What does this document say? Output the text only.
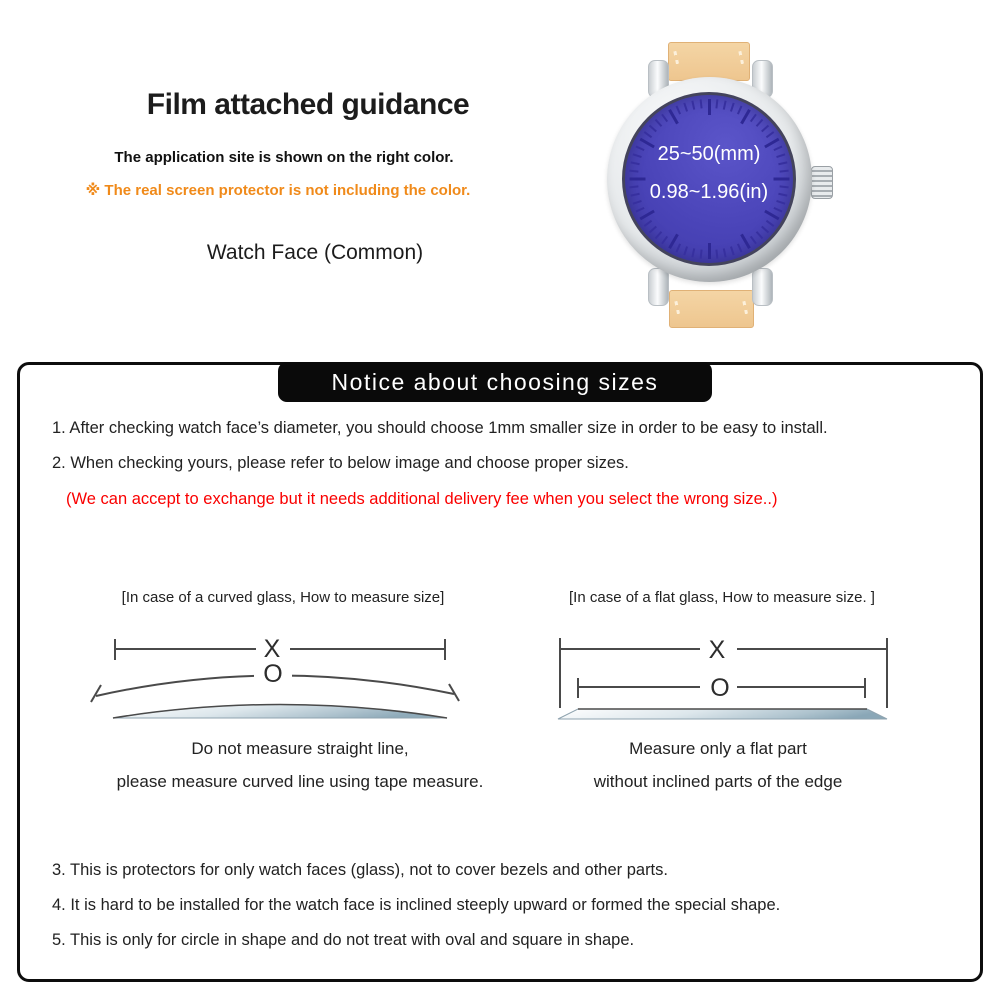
Film attached guidance
The application site is shown on the right color.
※ The real screen protector is not including the color.
Watch Face (Common)
25~50(mm)
0.98~1.96(in)
Notice about choosing sizes
1. After checking watch face’s diameter, you should choose 1mm smaller size in order to be easy to install.
2. When checking yours, please refer to below image and choose proper sizes.
(We can accept to exchange but it needs additional delivery fee when you select the wrong size..)
[In case of a curved glass, How to measure size]	[In case of a flat glass, How to measure size. ]
X
O
X
O
Do not measure straight line,
please measure curved line using tape measure.
Measure only a flat part
without inclined parts of the edge
3. This is protectors for only watch faces (glass), not to cover bezels and other parts.
4. It is hard to be installed for the watch face is inclined steeply upward or formed the special shape.
5. This is only for circle in shape and do not treat with oval and square in shape.
